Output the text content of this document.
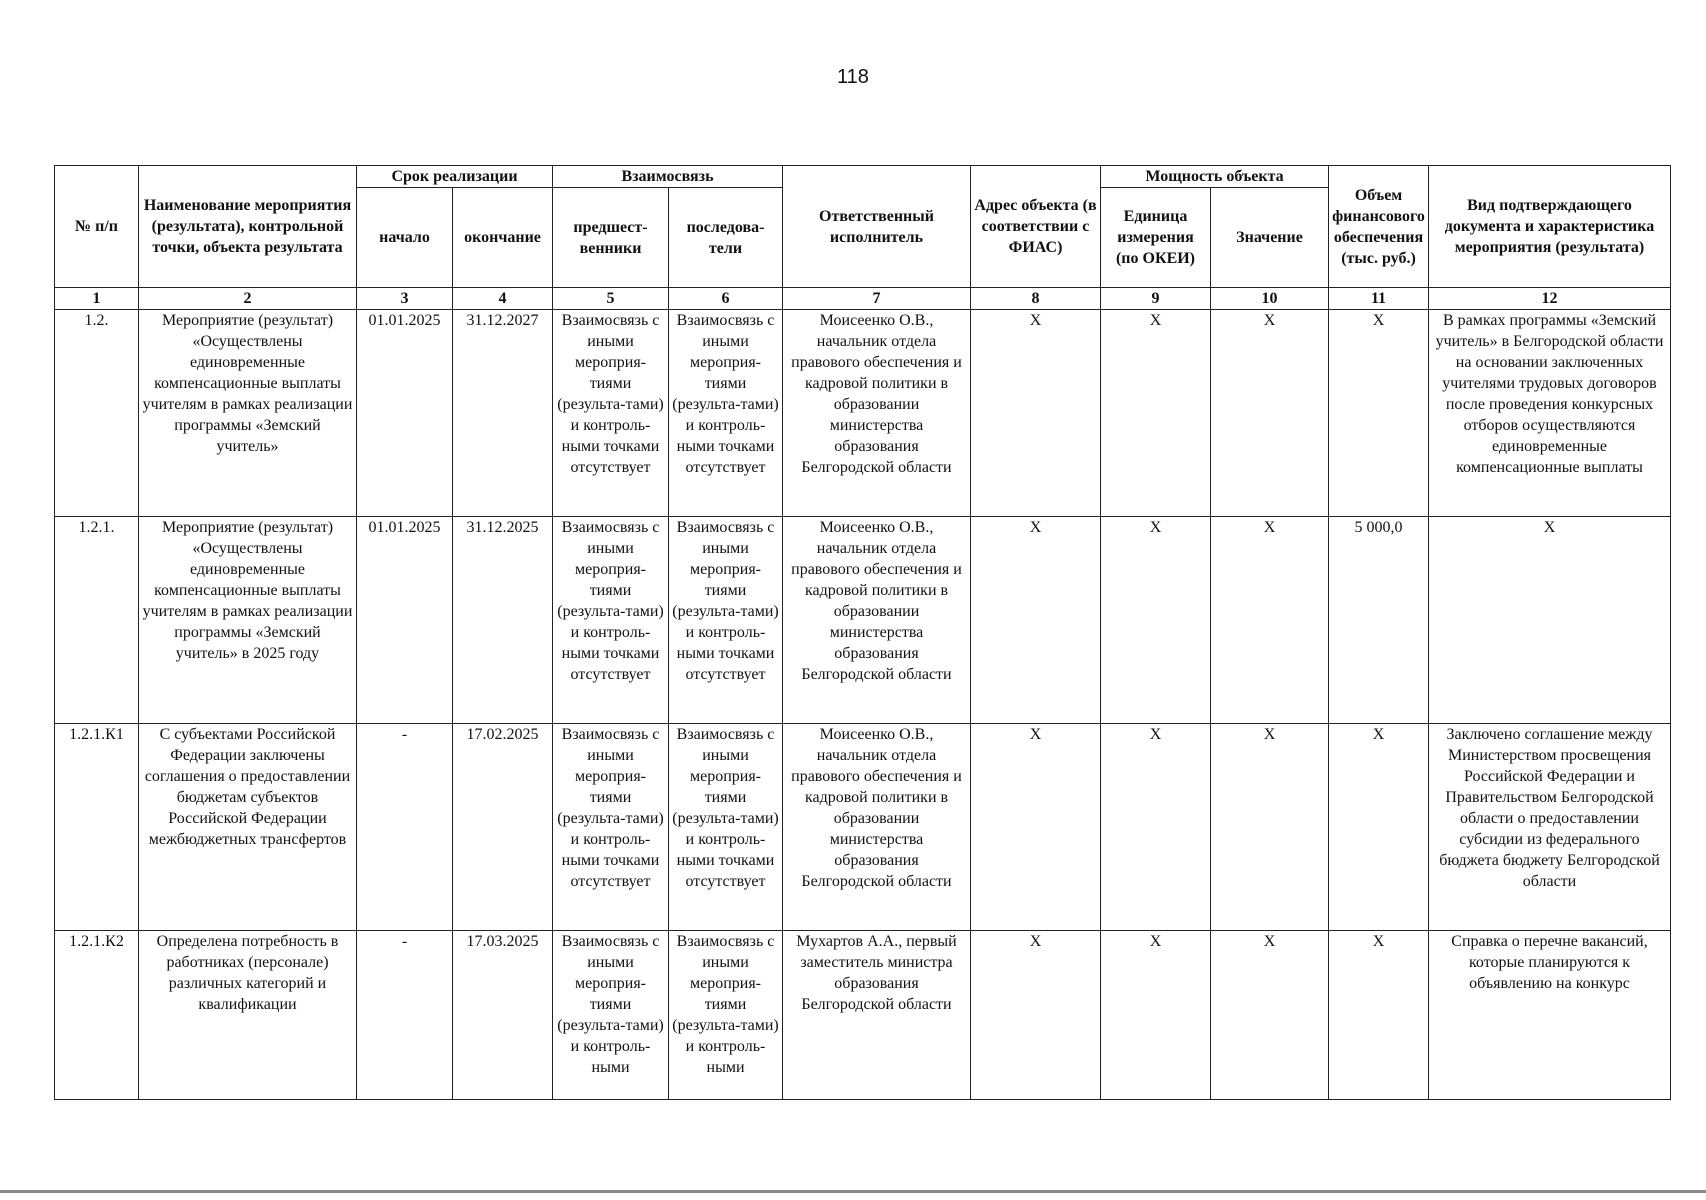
118
№ п/п	Наименование мероприятия (результата), контрольной точки, объекта результата	Срок реализации		Взаимосвязь		Ответственный исполнитель	Адрес объекта (в соответствии с ФИАС)	Мощность объекта		Объем финансового обеспечения (тыс. руб.)	Вид подтверждающего документа и характеристика мероприятия (результата)
		начало	окончание	предшест-венники	последова-тели			Единица измерения (по ОКЕИ)	Значение		
1	2	3	4	5	6	7	8	9	10	11	12
1.2.	Мероприятие (результат) «Осуществлены единовременные компенсационные выплаты учителям в рамках реализации программы «Земский учитель»	01.01.2025	31.12.2027	Взаимосвязь с иными мероприя-тиями (результа-тами) и контроль-ными точками отсутствует	Взаимосвязь с иными мероприя-тиями (результа-тами) и контроль-ными точками отсутствует	Моисеенко О.В., начальник отдела правового обеспечения и кадровой политики в образовании министерства образования Белгородской области	Х	Х	Х	Х	В рамках программы «Земский учитель» в Белгородской области на основании заключенных учителями трудовых договоров после проведения конкурсных отборов осуществляются единовременные компенсационные выплаты
1.2.1.	Мероприятие (результат) «Осуществлены единовременные компенсационные выплаты учителям в рамках реализации программы «Земский учитель» в 2025 году	01.01.2025	31.12.2025	Взаимосвязь с иными мероприя-тиями (результа-тами) и контроль-ными точками отсутствует	Взаимосвязь с иными мероприя-тиями (результа-тами) и контроль-ными точками отсутствует	Моисеенко О.В., начальник отдела правового обеспечения и кадровой политики в образовании министерства образования Белгородской области	Х	Х	Х	5 000,0	Х
1.2.1.К1	С субъектами Российской Федерации заключены соглашения о предоставлении бюджетам субъектов Российской Федерации межбюджетных трансфертов	-	17.02.2025	Взаимосвязь с иными мероприя-тиями (результа-тами) и контроль-ными точками отсутствует	Взаимосвязь с иными мероприя-тиями (результа-тами) и контроль-ными точками отсутствует	Моисеенко О.В., начальник отдела правового обеспечения и кадровой политики в образовании министерства образования Белгородской области	Х	Х	Х	Х	Заключено соглашение между Министерством просвещения Российской Федерации и Правительством Белгородской области о предоставлении субсидии из федерального бюджета бюджету Белгородской области
1.2.1.К2	Определена потребность в работниках (персонале) различных категорий и квалификации	-	17.03.2025	Взаимосвязь с иными мероприя-тиями (результа-тами) и контроль-ными	Взаимосвязь с иными мероприя-тиями (результа-тами) и контроль-ными	Мухартов А.А., первый заместитель министра образования Белгородской области	Х	Х	Х	Х	Справка о перечне вакансий, которые планируются к объявлению на конкурс
